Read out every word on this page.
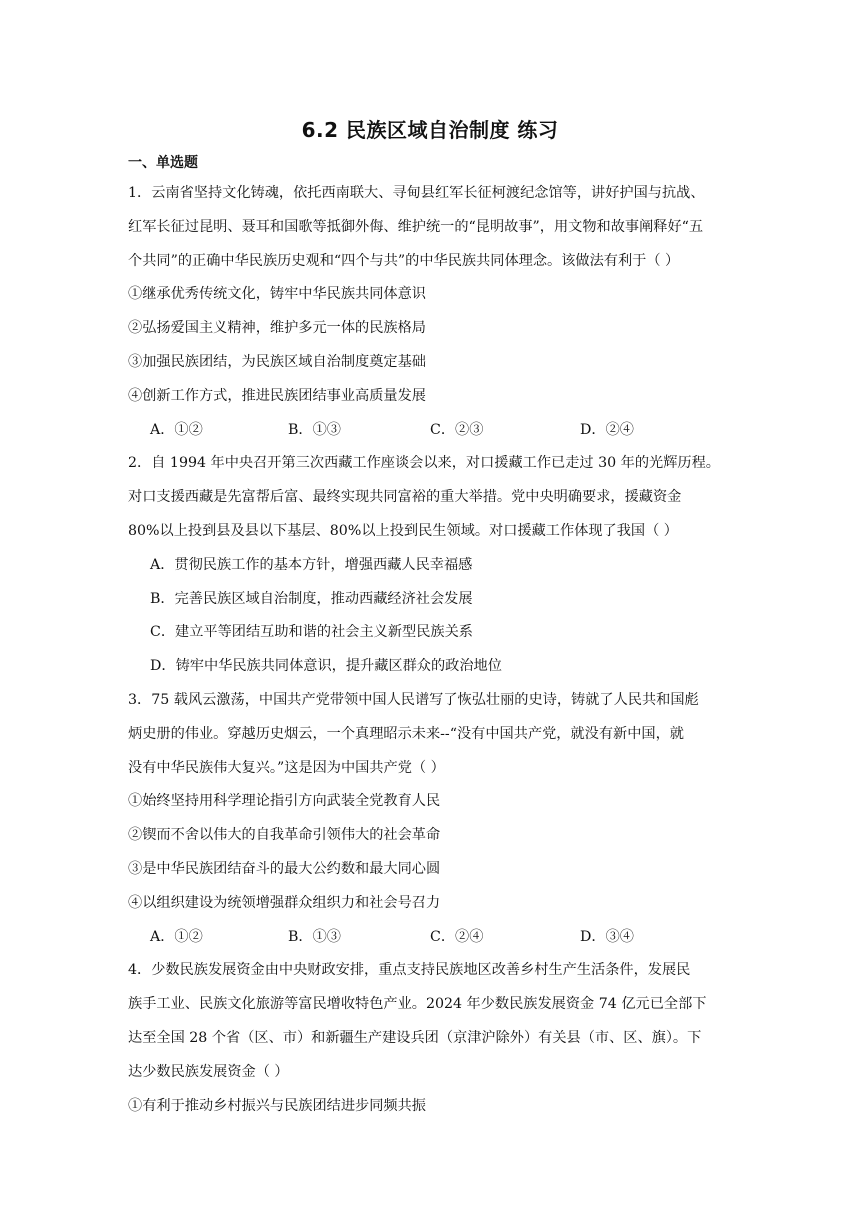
6.2 民族区域自治制度 练习
一、单选题
1．云南省坚持文化铸魂，依托西南联大、寻甸县红军长征柯渡纪念馆等，讲好护国与抗战、
红军长征过昆明、聂耳和国歌等抵御外侮、维护统一的“昆明故事”，用文物和故事阐释好“五
个共同”的正确中华民族历史观和“四个与共”的中华民族共同体理念。该做法有利于（ ）
①继承优秀传统文化，铸牢中华民族共同体意识
②弘扬爱国主义精神，维护多元一体的民族格局
③加强民族团结，为民族区域自治制度奠定基础
④创新工作方式，推进民族团结事业高质量发展
A．①②	B．①③	C．②③	D．②④
2．自 1994 年中央召开第三次西藏工作座谈会以来，对口援藏工作已走过 30 年的光辉历程。
对口支援西藏是先富帮后富、最终实现共同富裕的重大举措。党中央明确要求，援藏资金
80%以上投到县及县以下基层、80%以上投到民生领域。对口援藏工作体现了我国（ ）
A．贯彻民族工作的基本方针，增强西藏人民幸福感
B．完善民族区域自治制度，推动西藏经济社会发展
C．建立平等团结互助和谐的社会主义新型民族关系
D．铸牢中华民族共同体意识，提升藏区群众的政治地位
3．75 载风云激荡，中国共产党带领中国人民谱写了恢弘壮丽的史诗，铸就了人民共和国彪
炳史册的伟业。穿越历史烟云，一个真理昭示未来--“没有中国共产党，就没有新中国，就
没有中华民族伟大复兴。”这是因为中国共产党（ ）
①始终坚持用科学理论指引方向武装全党教育人民
②锲而不舍以伟大的自我革命引领伟大的社会革命
③是中华民族团结奋斗的最大公约数和最大同心圆
④以组织建设为统领增强群众组织力和社会号召力
A．①②	B．①③	C．②④	D．③④
4．少数民族发展资金由中央财政安排，重点支持民族地区改善乡村生产生活条件，发展民
族手工业、民族文化旅游等富民增收特色产业。2024 年少数民族发展资金 74 亿元已全部下
达至全国 28 个省（区、市）和新疆生产建设兵团（京津沪除外）有关县（市、区、旗）。下
达少数民族发展资金（ ）
①有利于推动乡村振兴与民族团结进步同频共振
